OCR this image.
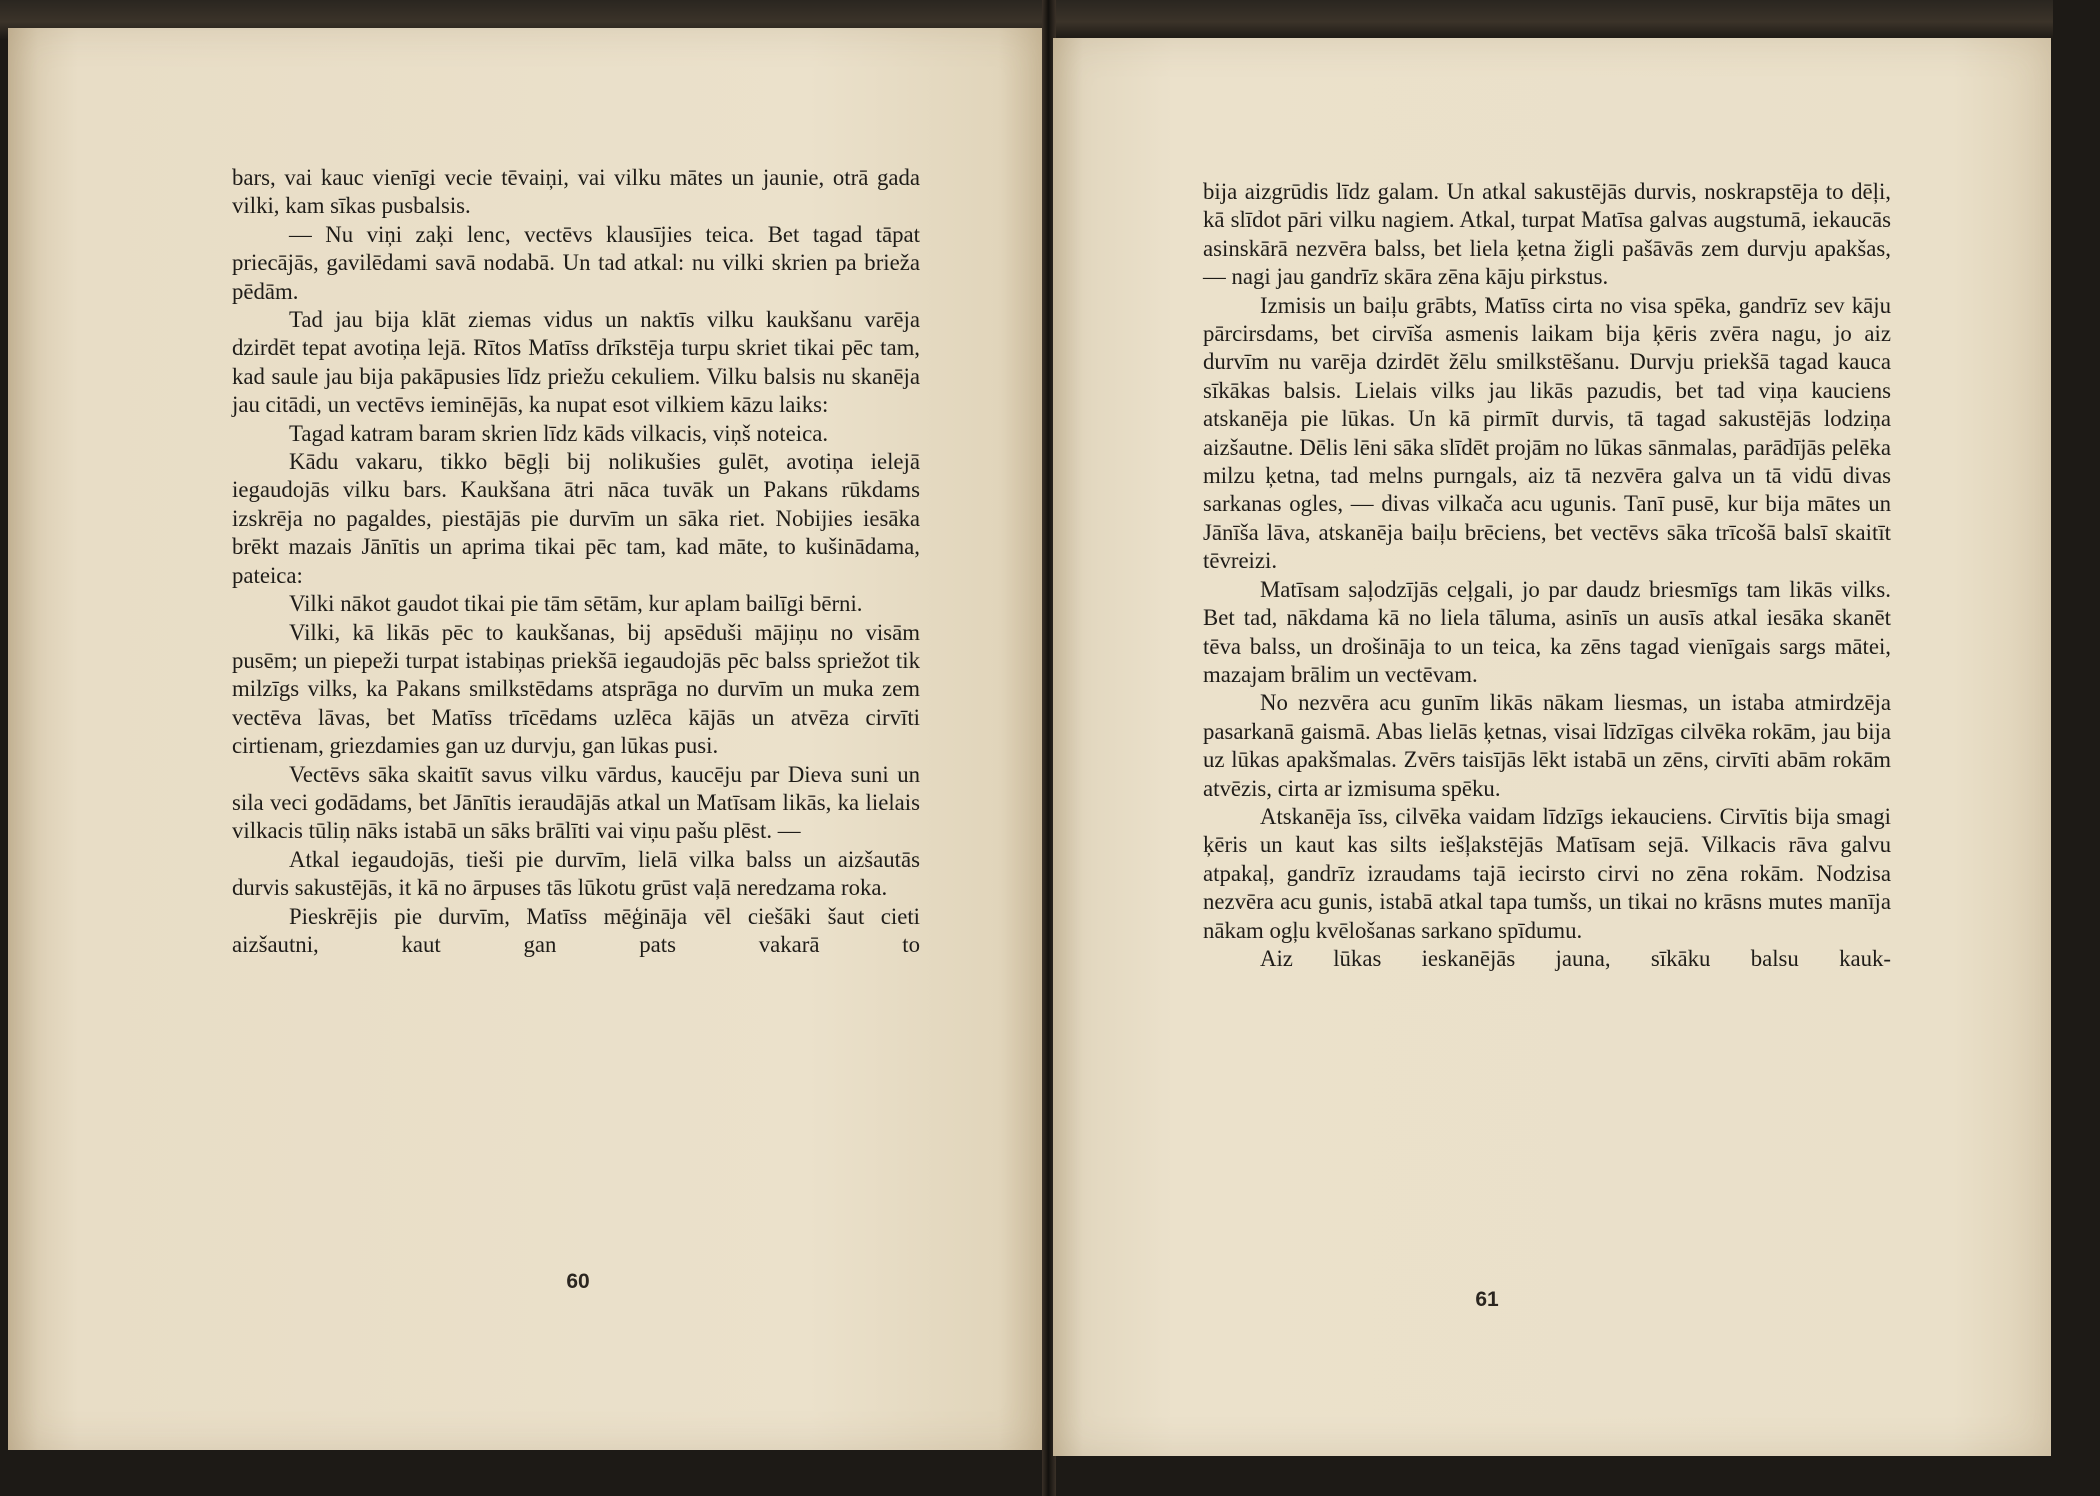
bars, vai kauc vienīgi vecie tēvaiņi, vai vilku mātes un jaunie, otrā gada vilki, kam sīkas pusbalsis.

— Nu viņi zaķi lenc, vectēvs klausījies teica. Bet tagad tāpat priecājās, gavilēdami savā nodabā. Un tad atkal: nu vilki skrien pa brieža pēdām.

Tad jau bija klāt ziemas vidus un naktīs vilku kaukšanu varēja dzirdēt tepat avotiņa lejā. Rītos Matīss drīkstēja turpu skriet tikai pēc tam, kad saule jau bija pakāpusies līdz priežu cekuliem. Vilku balsis nu skanēja jau citādi, un vectēvs ieminējās, ka nupat esot vilkiem kāzu laiks:

Tagad katram baram skrien līdz kāds vilkacis, viņš noteica.

Kādu vakaru, tikko bēgļi bij nolikušies gulēt, avotiņa ielejā iegaudojās vilku bars. Kaukšana ātri nāca tuvāk un Pakans rūkdams izskrēja no pagaldes, piestājās pie durvīm un sāka riet. Nobijies iesāka brēkt mazais Jānītis un aprima tikai pēc tam, kad māte, to kušinādama, pateica:

Vilki nākot gaudot tikai pie tām sētām, kur aplam bailīgi bērni.

Vilki, kā likās pēc to kaukšanas, bij apsēduši mājiņu no visām pusēm; un piepeži turpat istabiņas priekšā iegaudojās pēc balss spriežot tik milzīgs vilks, ka Pakans smilkstēdams atsprāga no durvīm un muka zem vectēva lāvas, bet Matīss trīcēdams uzlēca kājās un atvēza cirvīti cirtienam, griezdamies gan uz durvju, gan lūkas pusi.

Vectēvs sāka skaitīt savus vilku vārdus, kaucēju par Dieva suni un sila veci godādams, bet Jānītis ieraudājās atkal un Matīsam likās, ka lielais vilkacis tūliņ nāks istabā un sāks brālīti vai viņu pašu plēst. —

Atkal iegaudojās, tieši pie durvīm, lielā vilka balss un aizšautās durvis sakustējās, it kā no ārpuses tās lūkotu grūst vaļā neredzama roka.

Pieskrējis pie durvīm, Matīss mēģināja vēl ciešāki šaut cieti aizšautni, kaut gan pats vakarā to

60

bija aizgrūdis līdz galam. Un atkal sakustējās durvis, noskrapstēja to dēļi, kā slīdot pāri vilku nagiem. Atkal, turpat Matīsa galvas augstumā, iekaucās asinskārā nezvēra balss, bet liela ķetna žigli pašāvās zem durvju apakšas, — nagi jau gandrīz skāra zēna kāju pirkstus.

Izmisis un baiļu grābts, Matīss cirta no visa spēka, gandrīz sev kāju pārcirsdams, bet cirvīša asmenis laikam bija ķēris zvēra nagu, jo aiz durvīm nu varēja dzirdēt žēlu smilkstēšanu. Durvju priekšā tagad kauca sīkākas balsis. Lielais vilks jau likās pazudis, bet tad viņa kauciens atskanēja pie lūkas. Un kā pirmīt durvis, tā tagad sakustējās lodziņa aizšautne. Dēlis lēni sāka slīdēt projām no lūkas sānmalas, parādījās pelēka milzu ķetna, tad melns purngals, aiz tā nezvēra galva un tā vidū divas sarkanas ogles, — divas vilkača acu ugunis. Tanī pusē, kur bija mātes un Jānīša lāva, atskanēja baiļu brēciens, bet vectēvs sāka trīcošā balsī skaitīt tēvreizi.

Matīsam saļodzījās ceļgali, jo par daudz briesmīgs tam likās vilks. Bet tad, nākdama kā no liela tāluma, asinīs un ausīs atkal iesāka skanēt tēva balss, un drošināja to un teica, ka zēns tagad vienīgais sargs mātei, mazajam brālim un vectēvam.

No nezvēra acu gunīm likās nākam liesmas, un istaba atmirdzēja pasarkanā gaismā. Abas lielās ķetnas, visai līdzīgas cilvēka rokām, jau bija uz lūkas apakšmalas. Zvērs taisījās lēkt istabā un zēns, cirvīti abām rokām atvēzis, cirta ar izmisuma spēku.

Atskanēja īss, cilvēka vaidam līdzīgs iekauciens. Cirvītis bija smagi ķēris un kaut kas silts iešļakstējās Matīsam sejā. Vilkacis rāva galvu atpakaļ, gandrīz izraudams tajā iecirsto cirvi no zēna rokām. Nodzisa nezvēra acu gunis, istabā atkal tapa tumšs, un tikai no krāsns mutes manīja nākam ogļu kvēlošanas sarkano spīdumu.

Aiz lūkas ieskanējās jauna, sīkāku balsu kauk-

61
